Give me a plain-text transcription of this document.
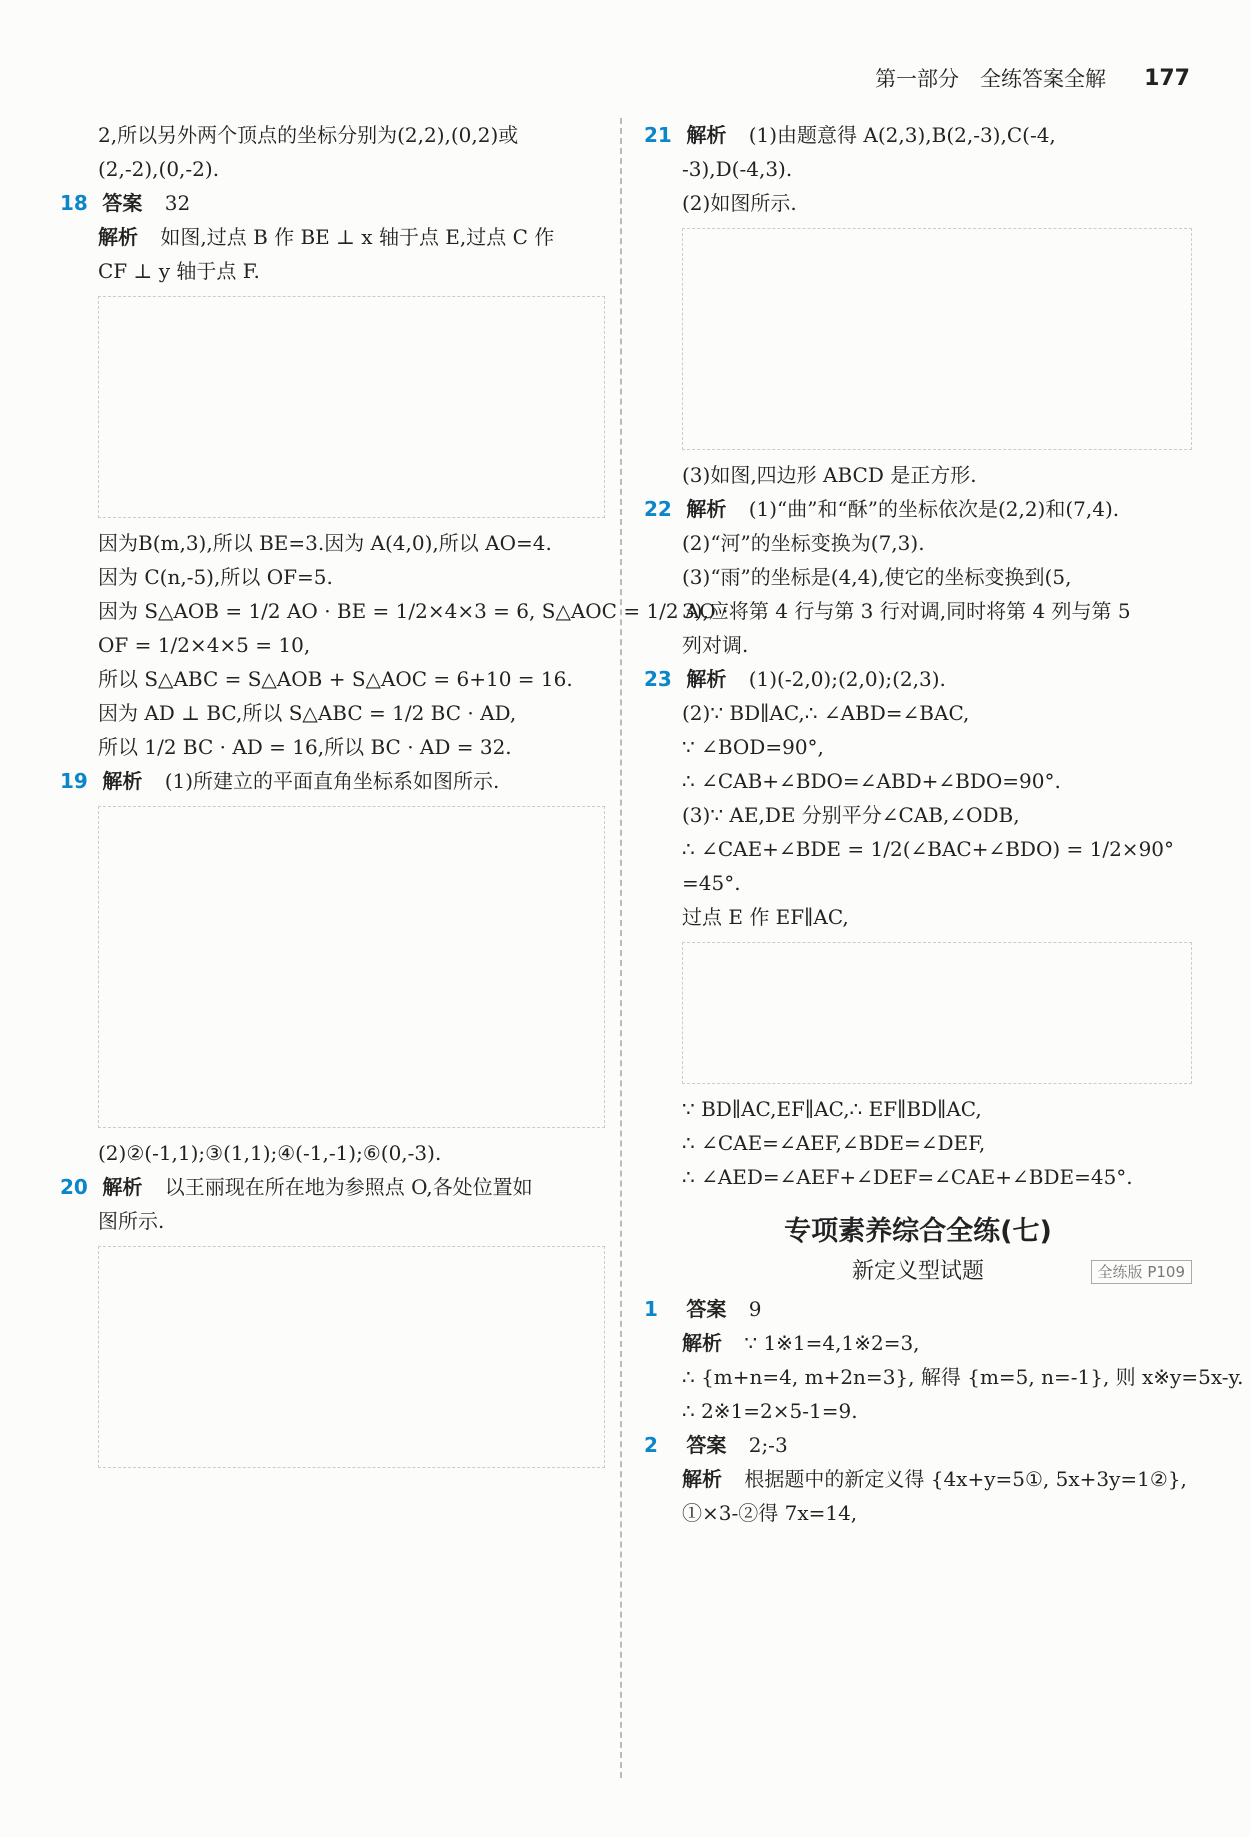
第一部分　全练答案全解 177
2,所以另外两个顶点的坐标分别为(2,2),(0,2)或
(2,-2),(0,-2).
18 答案 32
解析 如图,过点 B 作 BE ⊥ x 轴于点 E,过点 C 作
CF ⊥ y 轴于点 F.
因为B(m,3),所以 BE=3.因为 A(4,0),所以 AO=4.
因为 C(n,-5),所以 OF=5.
因为 S△AOB = 1/2 AO · BE = 1/2×4×3 = 6, S△AOC = 1/2 AO ·
OF = 1/2×4×5 = 10,
所以 S△ABC = S△AOB + S△AOC = 6+10 = 16.
因为 AD ⊥ BC,所以 S△ABC = 1/2 BC · AD,
所以 1/2 BC · AD = 16,所以 BC · AD = 32.
19 解析 (1)所建立的平面直角坐标系如图所示.
(2)②(-1,1);③(1,1);④(-1,-1);⑥(0,-3).
20 解析 以王丽现在所在地为参照点 O,各处位置如
图所示.
21 解析 (1)由题意得 A(2,3),B(2,-3),C(-4,
-3),D(-4,3).
(2)如图所示.
(3)如图,四边形 ABCD 是正方形.
22 解析 (1)“曲”和“酥”的坐标依次是(2,2)和(7,4).
(2)“河”的坐标变换为(7,3).
(3)“雨”的坐标是(4,4),使它的坐标变换到(5,
3),应将第 4 行与第 3 行对调,同时将第 4 列与第 5
列对调.
23 解析 (1)(-2,0);(2,0);(2,3).
(2)∵ BD∥AC,∴ ∠ABD=∠BAC,
∵ ∠BOD=90°,
∴ ∠CAB+∠BDO=∠ABD+∠BDO=90°.
(3)∵ AE,DE 分别平分∠CAB,∠ODB,
∴ ∠CAE+∠BDE = 1/2(∠BAC+∠BDO) = 1/2×90°
=45°.
过点 E 作 EF∥AC,
∵ BD∥AC,EF∥AC,∴ EF∥BD∥AC,
∴ ∠CAE=∠AEF,∠BDE=∠DEF,
∴ ∠AED=∠AEF+∠DEF=∠CAE+∠BDE=45°.
专项素养综合全练(七)
新定义型试题	全练版 P109
1 答案 9
解析 ∵ 1※1=4,1※2=3,
∴ {m+n=4, m+2n=3}, 解得 {m=5, n=-1}, 则 x※y=5x-y.
∴ 2※1=2×5-1=9.
2 答案 2;-3
解析 根据题中的新定义得 {4x+y=5①, 5x+3y=1②},
①×3-②得 7x=14,
